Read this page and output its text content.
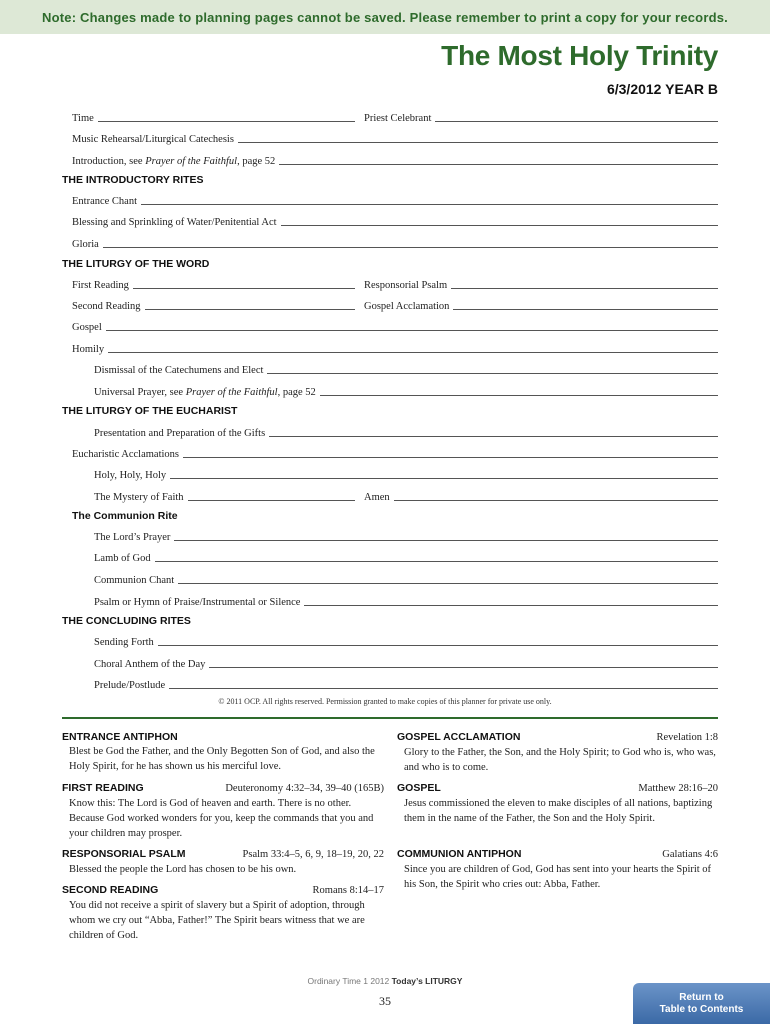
Note: Changes made to planning pages cannot be saved. Please remember to print a copy for your records.
The Most Holy Trinity
6/3/2012 YEAR B
Time	Priest Celebrant
Music Rehearsal/Liturgical Catechesis
Introduction, see Prayer of the Faithful, page 52
THE INTRODUCTORY RITES
Entrance Chant
Blessing and Sprinkling of Water/Penitential Act
Gloria
THE LITURGY OF THE WORD
First Reading	Responsorial Psalm
Second Reading	Gospel Acclamation
Gospel
Homily
Dismissal of the Catechumens and Elect
Universal Prayer, see Prayer of the Faithful, page 52
THE LITURGY OF THE EUCHARIST
Presentation and Preparation of the Gifts
Eucharistic Acclamations
Holy, Holy, Holy
The Mystery of Faith	Amen
The Communion Rite
The Lord’s Prayer
Lamb of God
Communion Chant
Psalm or Hymn of Praise/Instrumental or Silence
THE CONCLUDING RITES
Sending Forth
Choral Anthem of the Day
Prelude/Postlude
© 2011 OCP. All rights reserved. Permission granted to make copies of this planner for private use only.
ENTRANCE ANTIPHON
Blest be God the Father, and the Only Begotten Son of God, and also the Holy Spirit, for he has shown us his merciful love.
FIRST READING	Deuteronomy 4:32–34, 39–40 (165B)
Know this: The Lord is God of heaven and earth. There is no other. Because God worked wonders for you, keep the commands that you and your children may prosper.
RESPONSORIAL PSALM	Psalm 33:4–5, 6, 9, 18–19, 20, 22
Blessed the people the Lord has chosen to be his own.
SECOND READING	Romans 8:14–17
You did not receive a spirit of slavery but a Spirit of adoption, through whom we cry out “Abba, Father!” The Spirit bears witness that we are children of God.
GOSPEL ACCLAMATION	Revelation 1:8
Glory to the Father, the Son, and the Holy Spirit; to God who is, who was, and who is to come.
GOSPEL	Matthew 28:16–20
Jesus commissioned the eleven to make disciples of all nations, baptizing them in the name of the Father, the Son and the Holy Spirit.
COMMUNION ANTIPHON	Galatians 4:6
Since you are children of God, God has sent into your hearts the Spirit of his Son, the Spirit who cries out: Abba, Father.
Ordinary Time 1 2012 Today’s LITURGY
35	Return to
Table to Contents
